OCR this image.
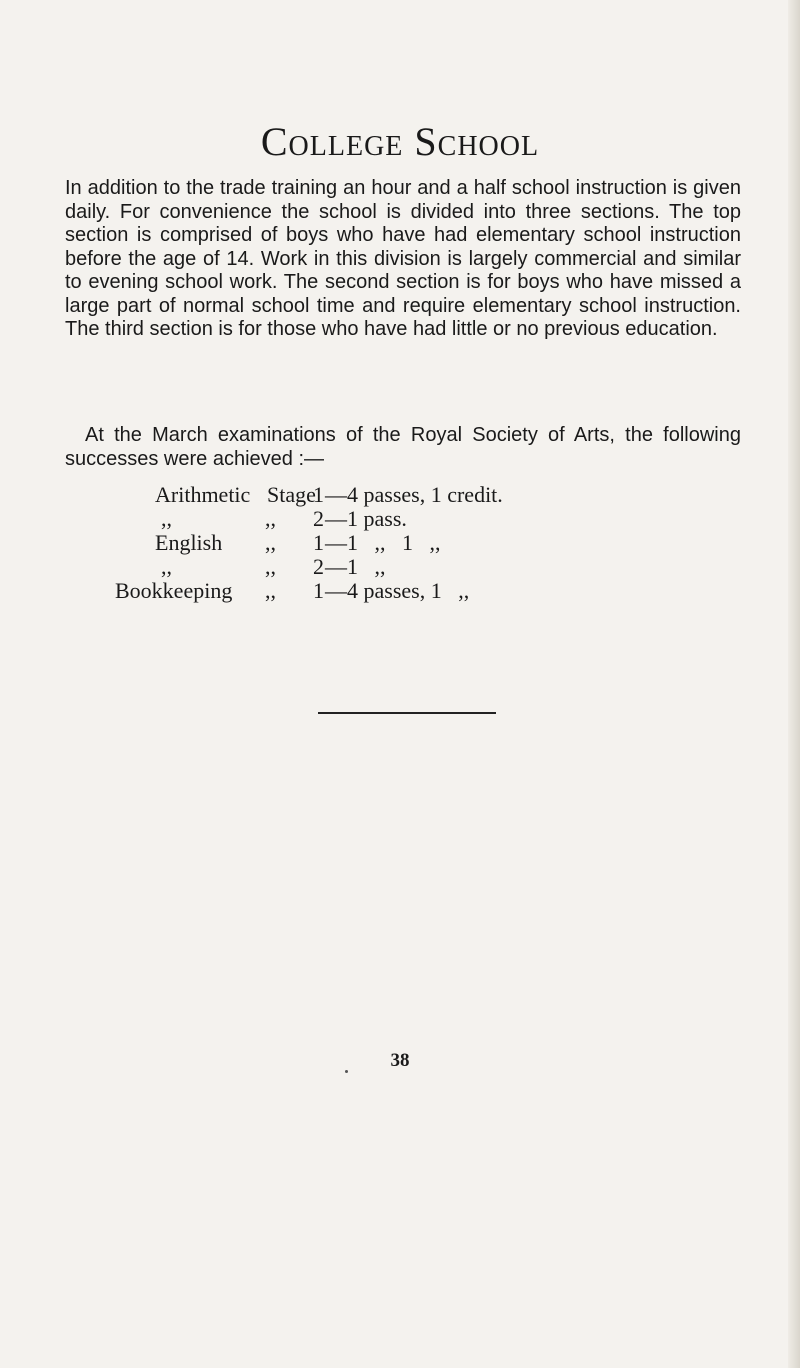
College School

In addition to the trade training an hour and a half school instruction is given daily. For convenience the school is divided into three sections. The top section is comprised of boys who have had elementary school instruction before the age of 14. Work in this division is largely commercial and similar to evening school work. The second section is for boys who have missed a large part of normal school time and require elementary school instruction. The third section is for those who have had little or no previous education.

At the March examinations of the Royal Society of Arts, the following successes were achieved :—

Arithmetic Stage
1 —4 passes, 1 credit.
,,	,, 2 —1 pass.
English ,, 1 —1   ,,   1   ,,
,,	,, 2 —1   ,,
Bookkeeping ,, 1 —4 passes, 1   ,,
38
